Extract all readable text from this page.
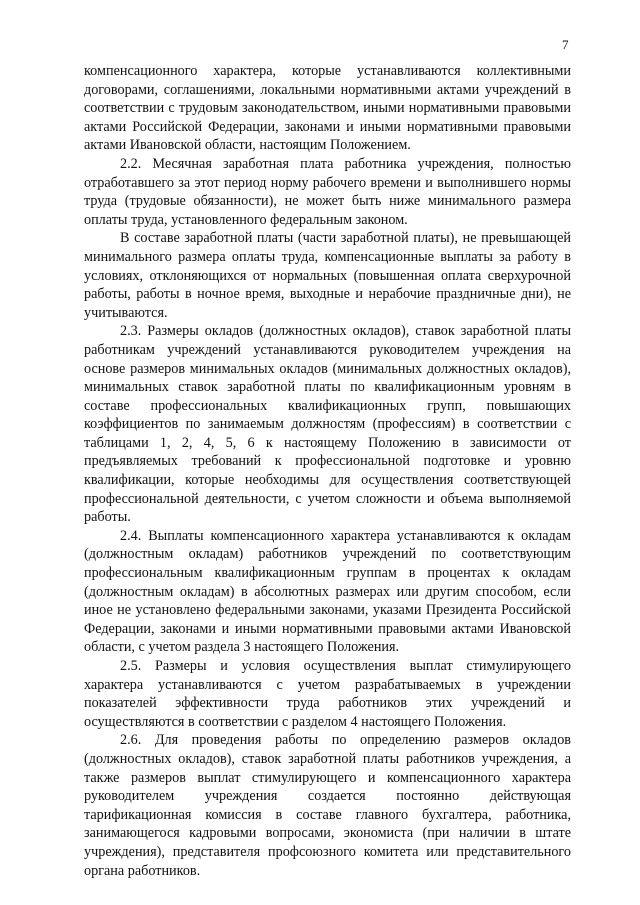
7

компенсационного характера, которые устанавливаются коллективными договорами, соглашениями, локальными нормативными актами учреждений в соответствии с трудовым законодательством, иными нормативными правовыми актами Российской Федерации, законами и иными нормативными правовыми актами Ивановской области, настоящим Положением.

2.2. Месячная заработная плата работника учреждения, полностью отработавшего за этот период норму рабочего времени и выполнившего нормы труда (трудовые обязанности), не может быть ниже минимального размера оплаты труда, установленного федеральным законом.

В составе заработной платы (части заработной платы), не превышающей минимального размера оплаты труда, компенсационные выплаты за работу в условиях, отклоняющихся от нормальных (повышенная оплата сверхурочной работы, работы в ночное время, выходные и нерабочие праздничные дни), не учитываются.

2.3. Размеры окладов (должностных окладов), ставок заработной платы работникам учреждений устанавливаются руководителем учреждения на основе размеров минимальных окладов (минимальных должностных окладов), минимальных ставок заработной платы по квалификационным уровням в составе профессиональных квалификационных групп, повышающих коэффициентов по занимаемым должностям (профессиям) в соответствии с таблицами 1, 2, 4, 5, 6 к настоящему Положению в зависимости от предъявляемых требований к профессиональной подготовке и уровню квалификации, которые необходимы для осуществления соответствующей профессиональной деятельности, с учетом сложности и объема выполняемой работы.

2.4. Выплаты компенсационного характера устанавливаются к окладам (должностным окладам) работников учреждений по соответствующим профессиональным квалификационным группам в процентах к окладам (должностным окладам) в абсолютных размерах или другим способом, если иное не установлено федеральными законами, указами Президента Российской Федерации, законами и иными нормативными правовыми актами Ивановской области, с учетом раздела 3 настоящего Положения.

2.5. Размеры и условия осуществления выплат стимулирующего характера устанавливаются с учетом разрабатываемых в учреждении показателей эффективности труда работников этих учреждений и осуществляются в соответствии с разделом 4 настоящего Положения.

2.6. Для проведения работы по определению размеров окладов (должностных окладов), ставок заработной платы работников учреждения, а также размеров выплат стимулирующего и компенсационного характера руководителем учреждения создается постоянно действующая тарификационная комиссия в составе главного бухгалтера, работника, занимающегося кадровыми вопросами, экономиста (при наличии в штате учреждения), представителя профсоюзного комитета или представительного органа работников.
